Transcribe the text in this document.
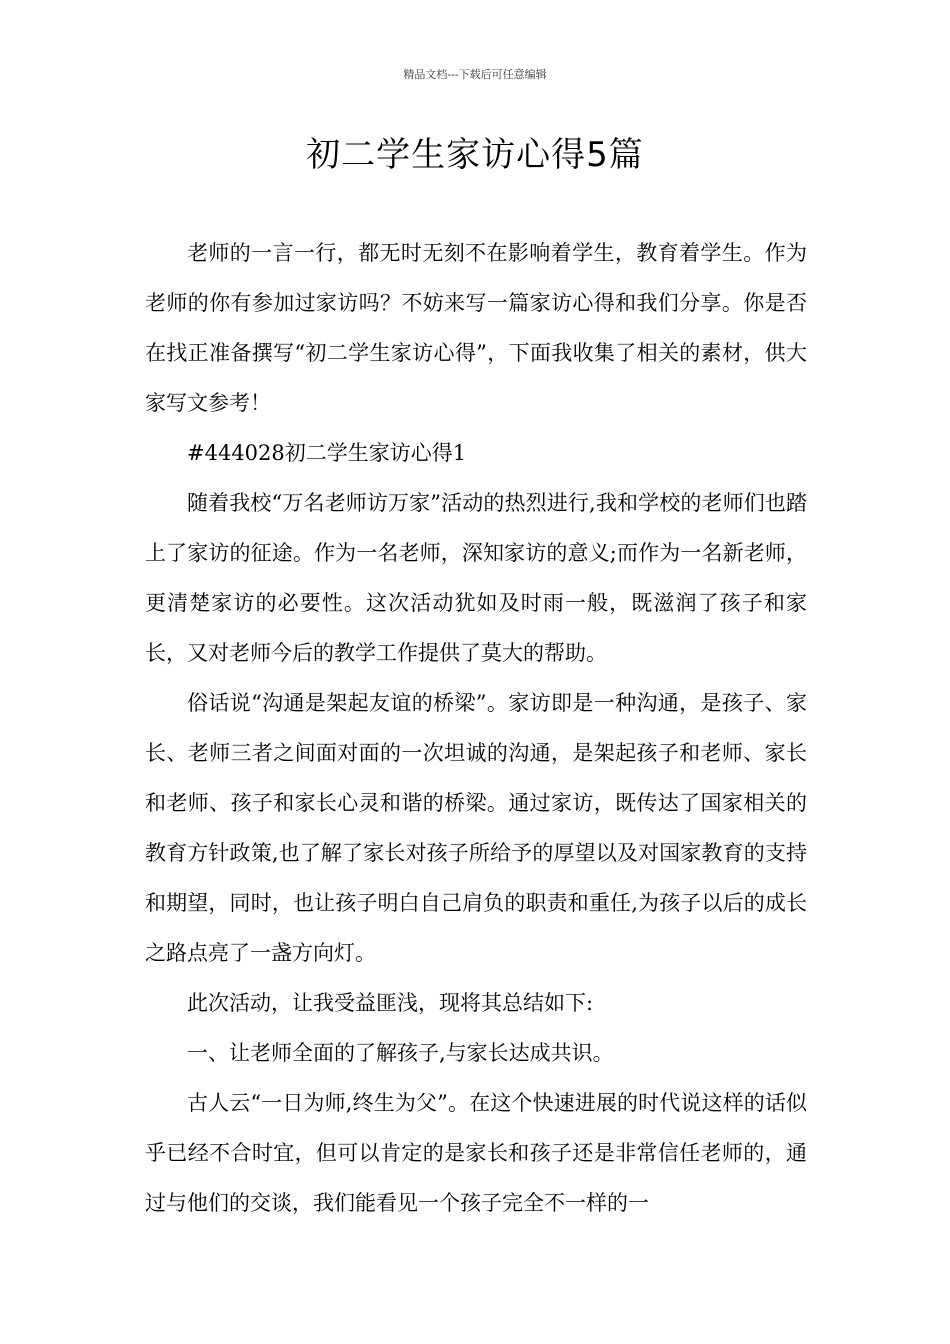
精品文档---下载后可任意编辑
初二学生家访心得5篇

老师的一言一行，都无时无刻不在影响着学生，教育着学生。作为老师的你有参加过家访吗？不妨来写一篇家访心得和我们分享。你是否在找正准备撰写“初二学生家访心得”，下面我收集了相关的素材，供大家写文参考！

#444028初二学生家访心得1

随着我校“万名老师访万家”活动的热烈进行,我和学校的老师们也踏上了家访的征途。作为一名老师，深知家访的意义;而作为一名新老师，更清楚家访的必要性。这次活动犹如及时雨一般，既滋润了孩子和家长，又对老师今后的教学工作提供了莫大的帮助。

俗话说“沟通是架起友谊的桥梁”。家访即是一种沟通，是孩子、家长、老师三者之间面对面的一次坦诚的沟通，是架起孩子和老师、家长和老师、孩子和家长心灵和谐的桥梁。通过家访，既传达了国家相关的教育方针政策,也了解了家长对孩子所给予的厚望以及对国家教育的支持和期望，同时，也让孩子明白自己肩负的职责和重任,为孩子以后的成长之路点亮了一盏方向灯。

此次活动，让我受益匪浅，现将其总结如下:

一、让老师全面的了解孩子,与家长达成共识。

古人云“一日为师,终生为父”。在这个快速进展的时代说这样的话似乎已经不合时宜，但可以肯定的是家长和孩子还是非常信任老师的，通过与他们的交谈，我们能看见一个孩子完全不一样的一
